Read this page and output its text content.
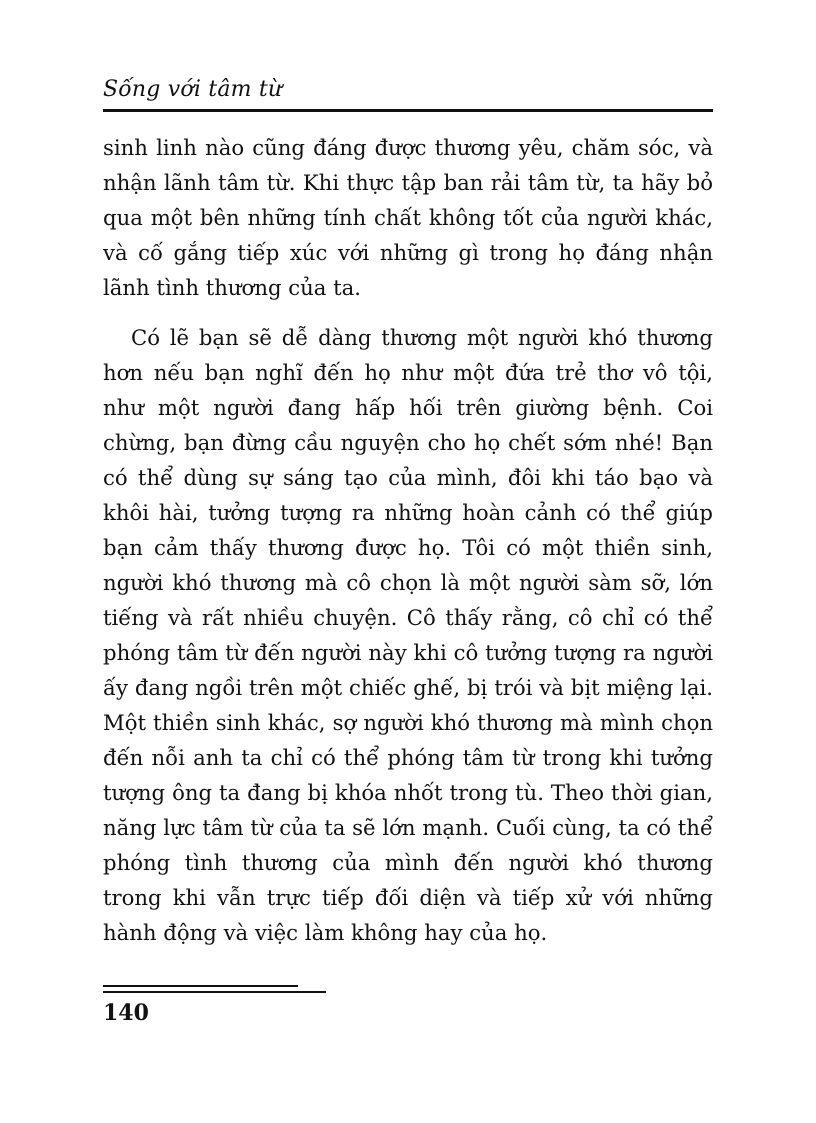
Sống với tâm từ

sinh linh nào cũng đáng được thương yêu, chăm sóc, và nhận lãnh tâm từ. Khi thực tập ban rải tâm từ, ta hãy bỏ qua một bên những tính chất không tốt của người khác, và cố gắng tiếp xúc với những gì trong họ đáng nhận lãnh tình thương của ta.

Có lẽ bạn sẽ dễ dàng thương một người khó thương hơn nếu bạn nghĩ đến họ như một đứa trẻ thơ vô tội, như một người đang hấp hối trên giường bệnh. Coi chừng, bạn đừng cầu nguyện cho họ chết sớm nhé! Bạn có thể dùng sự sáng tạo của mình, đôi khi táo bạo và khôi hài, tưởng tượng ra những hoàn cảnh có thể giúp bạn cảm thấy thương được họ. Tôi có một thiền sinh, người khó thương mà cô chọn là một người sàm sỡ, lớn tiếng và rất nhiều chuyện. Cô thấy rằng, cô chỉ có thể phóng tâm từ đến người này khi cô tưởng tượng ra người ấy đang ngồi trên một chiếc ghế, bị trói và bịt miệng lại. Một thiền sinh khác, sợ người khó thương mà mình chọn đến nỗi anh ta chỉ có thể phóng tâm từ trong khi tưởng tượng ông ta đang bị khóa nhốt trong tù. Theo thời gian, năng lực tâm từ của ta sẽ lớn mạnh. Cuối cùng, ta có thể phóng tình thương của mình đến người khó thương trong khi vẫn trực tiếp đối diện và tiếp xử với những hành động và việc làm không hay của họ.

140
